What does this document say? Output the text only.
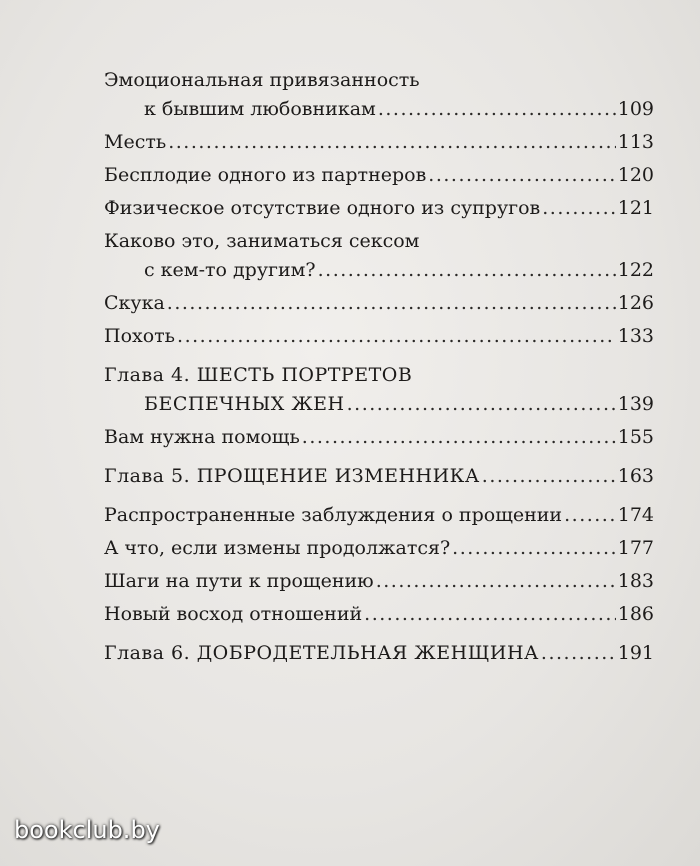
Эмоциональная привязанность
к бывшим любовникам .....	109
Месть .....	113
Бесплодие одного из партнеров .....	120
Физическое отсутствие одного из супругов .....	121
Каково это, заниматься сексом
с кем-то другим? .....	122
Скука .....	126
Похоть .....	133
Глава 4. ШЕСТЬ ПОРТРЕТОВ
БЕСПЕЧНЫХ ЖЕН .....	139
Вам нужна помощь .....	155
Глава 5. ПРОЩЕНИЕ ИЗМЕННИКА .....	163
Распространенные заблуждения о прощении .....	174
А что, если измены продолжатся? .....	177
Шаги на пути к прощению .....	183
Новый восход отношений .....	186
Глава 6. ДОБРОДЕТЕЛЬНАЯ ЖЕНЩИНА .....	191
bookclub.by
